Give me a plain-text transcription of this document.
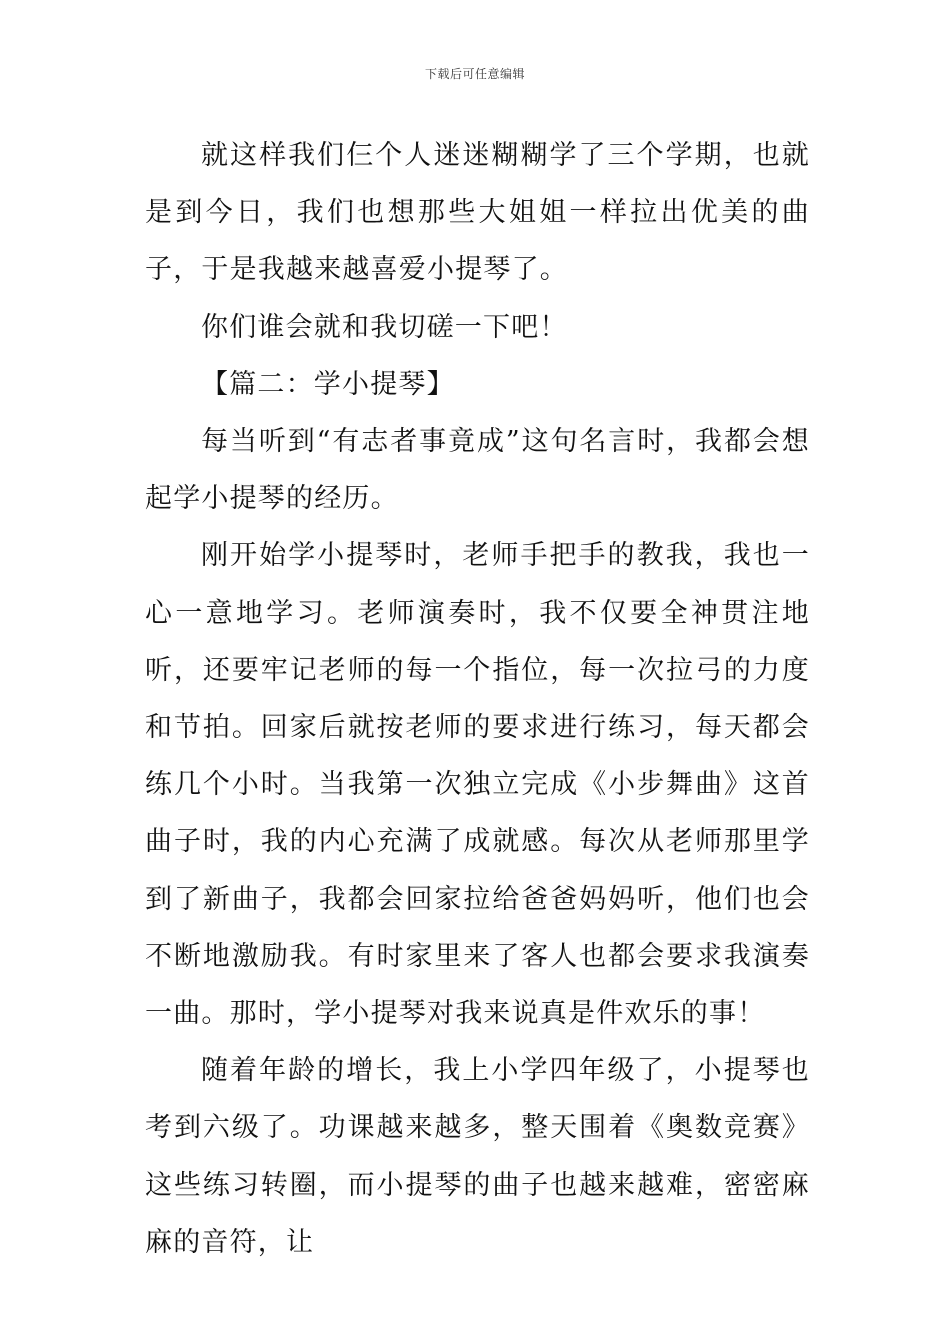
下载后可任意编辑

就这样我们仨个人迷迷糊糊学了三个学期，也就是到今日，我们也想那些大姐姐一样拉出优美的曲子，于是我越来越喜爱小提琴了。

你们谁会就和我切磋一下吧！

【篇二：学小提琴】

每当听到“有志者事竟成”这句名言时，我都会想起学小提琴的经历。

刚开始学小提琴时，老师手把手的教我，我也一心一意地学习。老师演奏时，我不仅要全神贯注地听，还要牢记老师的每一个指位，每一次拉弓的力度和节拍。回家后就按老师的要求进行练习，每天都会练几个小时。当我第一次独立完成《小步舞曲》这首曲子时，我的内心充满了成就感。每次从老师那里学到了新曲子，我都会回家拉给爸爸妈妈听，他们也会不断地激励我。有时家里来了客人也都会要求我演奏一曲。那时，学小提琴对我来说真是件欢乐的事！

随着年龄的增长，我上小学四年级了，小提琴也考到六级了。功课越来越多，整天围着《奥数竞赛》这些练习转圈，而小提琴的曲子也越来越难，密密麻麻的音符，让
